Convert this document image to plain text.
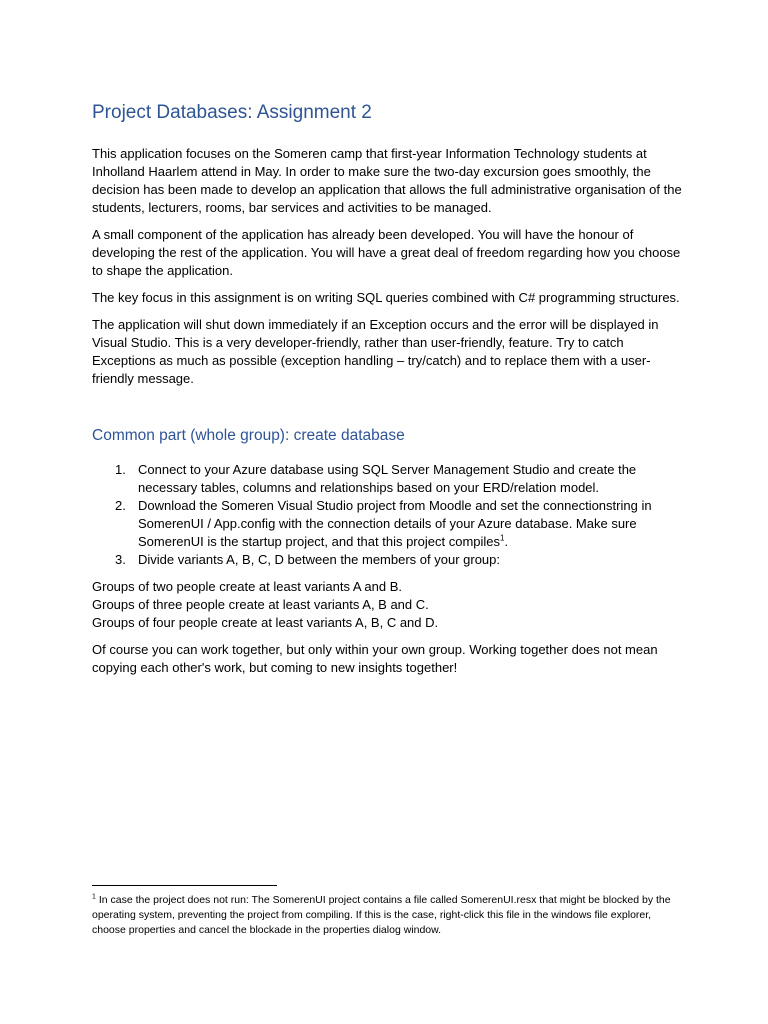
Project Databases: Assignment 2

This application focuses on the Someren camp that first-year Information Technology students at Inholland Haarlem attend in May. In order to make sure the two-day excursion goes smoothly, the decision has been made to develop an application that allows the full administrative organisation of the students, lecturers, rooms, bar services and activities to be managed.

A small component of the application has already been developed. You will have the honour of developing the rest of the application. You will have a great deal of freedom regarding how you choose to shape the application.

The key focus in this assignment is on writing SQL queries combined with C# programming structures.

The application will shut down immediately if an Exception occurs and the error will be displayed in Visual Studio. This is a very developer-friendly, rather than user-friendly, feature. Try to catch Exceptions as much as possible (exception handling – try/catch) and to replace them with a user-friendly message.

Common part (whole group): create database
1. Connect to your Azure database using SQL Server Management Studio and create the necessary tables, columns and relationships based on your ERD/relation model.
2. Download the Someren Visual Studio project from Moodle and set the connectionstring in SomerenUI / App.config with the connection details of your Azure database. Make sure SomerenUI is the startup project, and that this project compiles$^1$.
3. Divide variants A, B, C, D between the members of your group:
Groups of two people create at least variants A and B.
Groups of three people create at least variants A, B and C.
Groups of four people create at least variants A, B, C and D.

Of course you can work together, but only within your own group. Working together does not mean copying each other's work, but coming to new insights together!

$^1$ In case the project does not run: The SomerenUI project contains a file called SomerenUI.resx that might be blocked by the operating system, preventing the project from compiling. If this is the case, right-click this file in the windows file explorer, choose properties and cancel the blockade in the properties dialog window.
